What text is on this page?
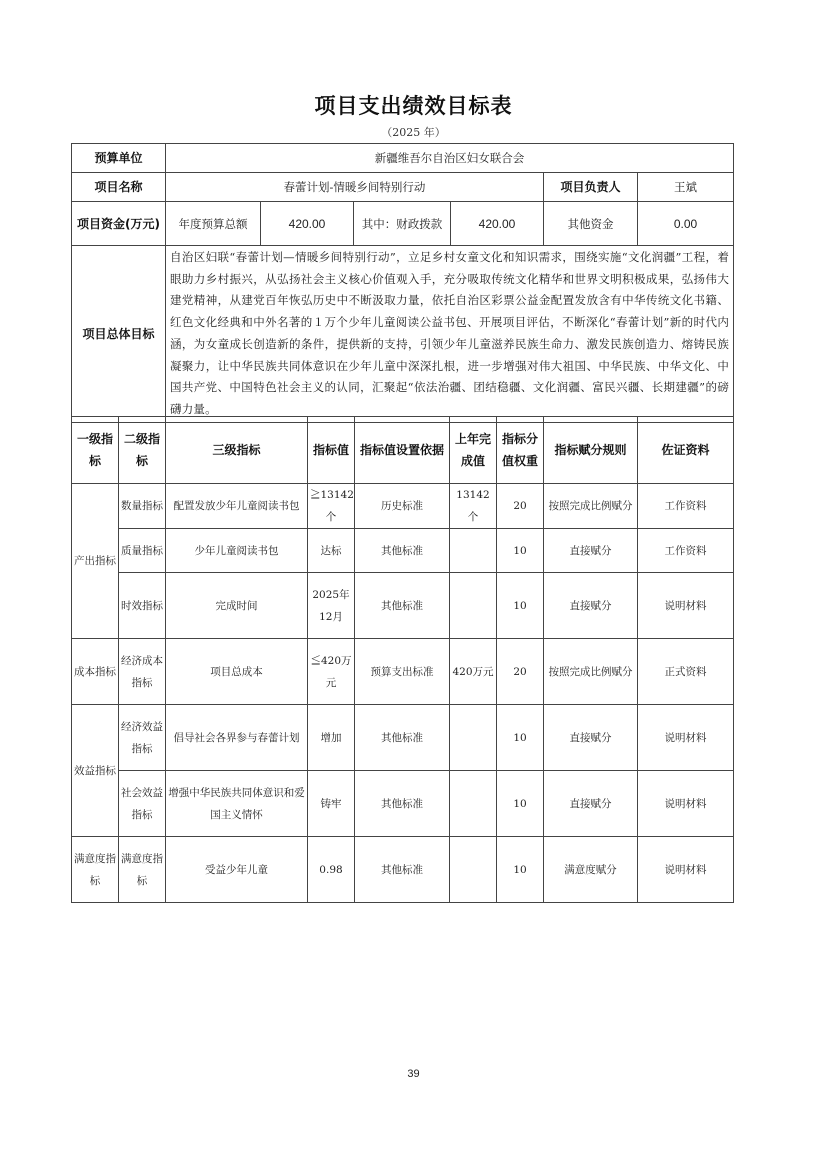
项目支出绩效目标表
（2025 年）
预算单位	新疆维吾尔自治区妇女联合会					
项目名称	春蕾计划-情暖乡间特别行动				项目负责人	王斌
项目资金(万元)	年度预算总额	420.00	其中：财政拨款	420.00	其他资金	0.00
项目总体目标	自治区妇联“春蕾计划—情暖乡间特别行动”，立足乡村女童文化和知识需求，围绕实施“文化润疆”工程，着眼助力乡村振兴，从弘扬社会主义核心价值观入手，充分吸取传统文化精华和世界文明积极成果，弘扬伟大建党精神，从建党百年恢弘历史中不断汲取力量，依托自治区彩票公益金配置发放含有中华传统文化书籍、红色文化经典和中外名著的１万个少年儿童阅读公益书包、开展项目评估，不断深化“春蕾计划”新的时代内涵，为女童成长创造新的条件，提供新的支持，引领少年儿童滋养民族生命力、激发民族创造力、熔铸民族凝聚力，让中华民族共同体意识在少年儿童中深深扎根，进一步增强对伟大祖国、中华民族、中华文化、中国共产党、中国特色社会主义的认同，汇聚起“依法治疆、团结稳疆、文化润疆、富民兴疆、长期建疆”的磅礴力量。					
一级指标	二级指标	三级指标	指标值	指标值设置依据	上年完成值	指标分值权重	指标赋分规则	佐证资料
产出指标	数量指标	配置发放少年儿童阅读书包	≧13142个	历史标准	13142个	20	按照完成比例赋分	工作资料
	质量指标	少年儿童阅读书包	达标	其他标准		10	直接赋分	工作资料
	时效指标	完成时间	2025年12月	其他标准		10	直接赋分	说明材料
成本指标	经济成本指标	项目总成本	≦420万元	预算支出标准	420万元	20	按照完成比例赋分	正式资料
效益指标	经济效益指标	倡导社会各界参与春蕾计划	增加	其他标准		10	直接赋分	说明材料
	社会效益指标	增强中华民族共同体意识和爱国主义情怀	铸牢	其他标准		10	直接赋分	说明材料
满意度指标	满意度指标	受益少年儿童	0.98	其他标准		10	满意度赋分	说明材料
39
